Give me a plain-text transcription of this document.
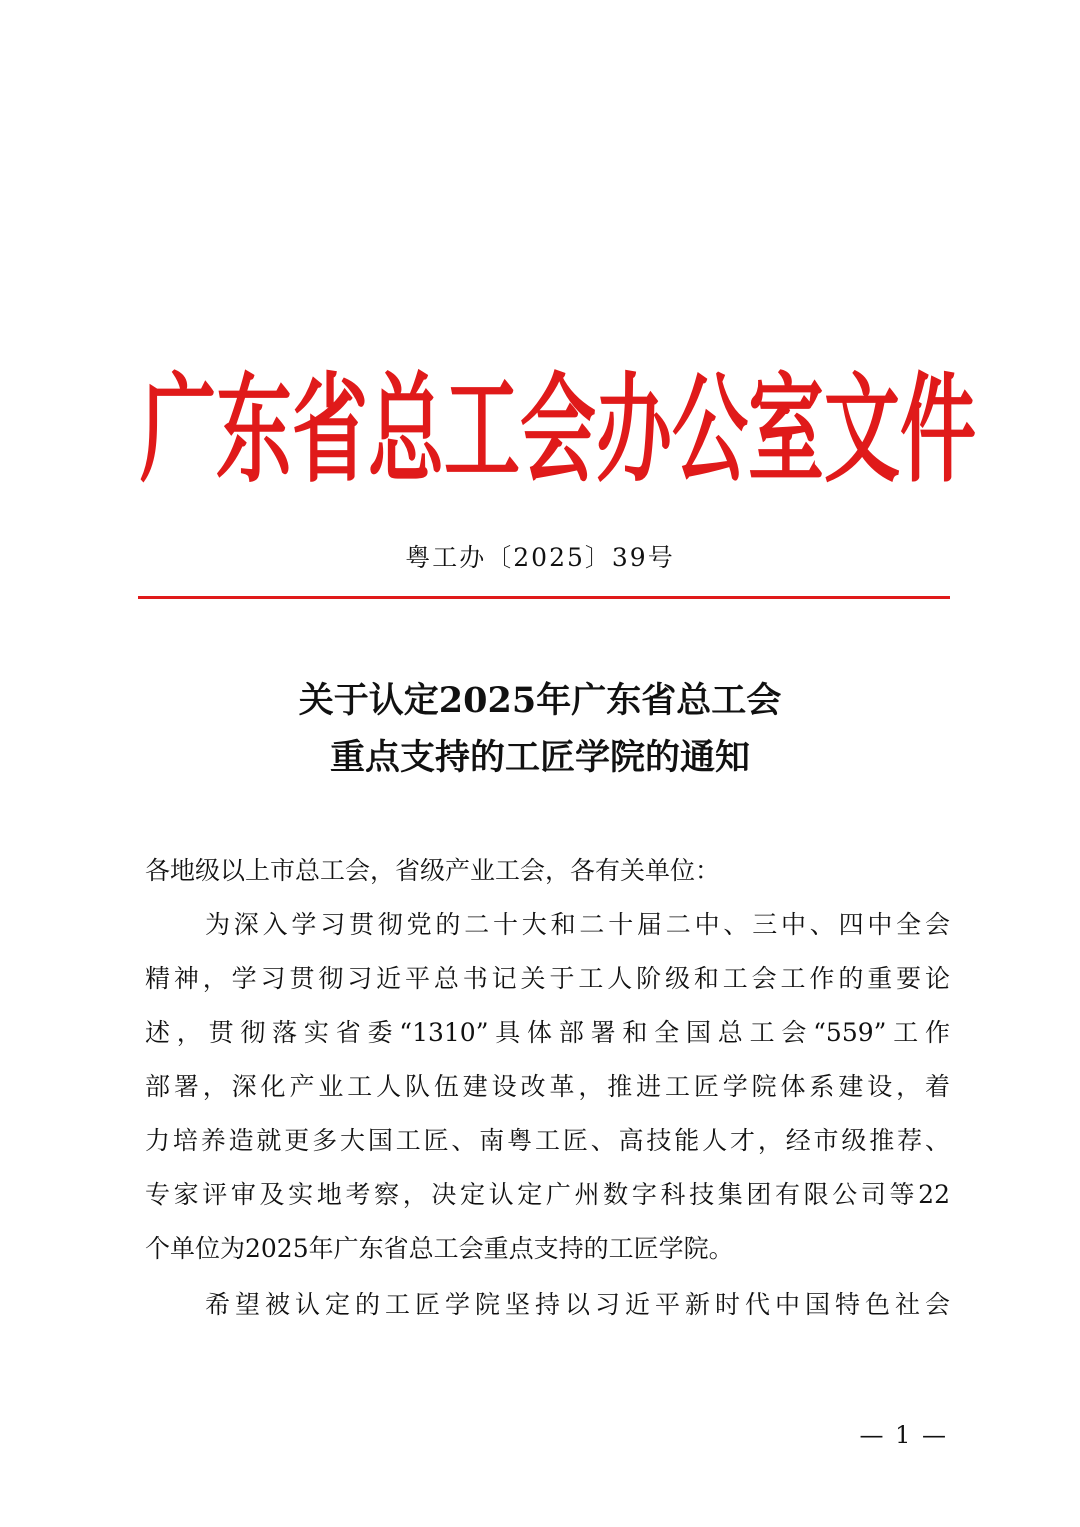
广 东 省 总 工 会 办 公 室 文 件
粤工办〔2025〕39号
关于认定2025年广东省总工会
重点支持的工匠学院的通知
各地级以上市总工会，省级产业工会，各有关单位：
为深入学习贯彻党的二十大和二十届二中、三中、四中全会
精神，学习贯彻习近平总书记关于工人阶级和工会工作的重要论
述，贯彻落实省委“1310”具体部署和全国总工会“559”工作
部署，深化产业工人队伍建设改革，推进工匠学院体系建设，着
力培养造就更多大国工匠、南粤工匠、高技能人才，经市级推荐、
专家评审及实地考察，决定认定广州数字科技集团有限公司等22
个单位为2025年广东省总工会重点支持的工匠学院。
希望被认定的工匠学院坚持以习近平新时代中国特色社会
— 1 —
